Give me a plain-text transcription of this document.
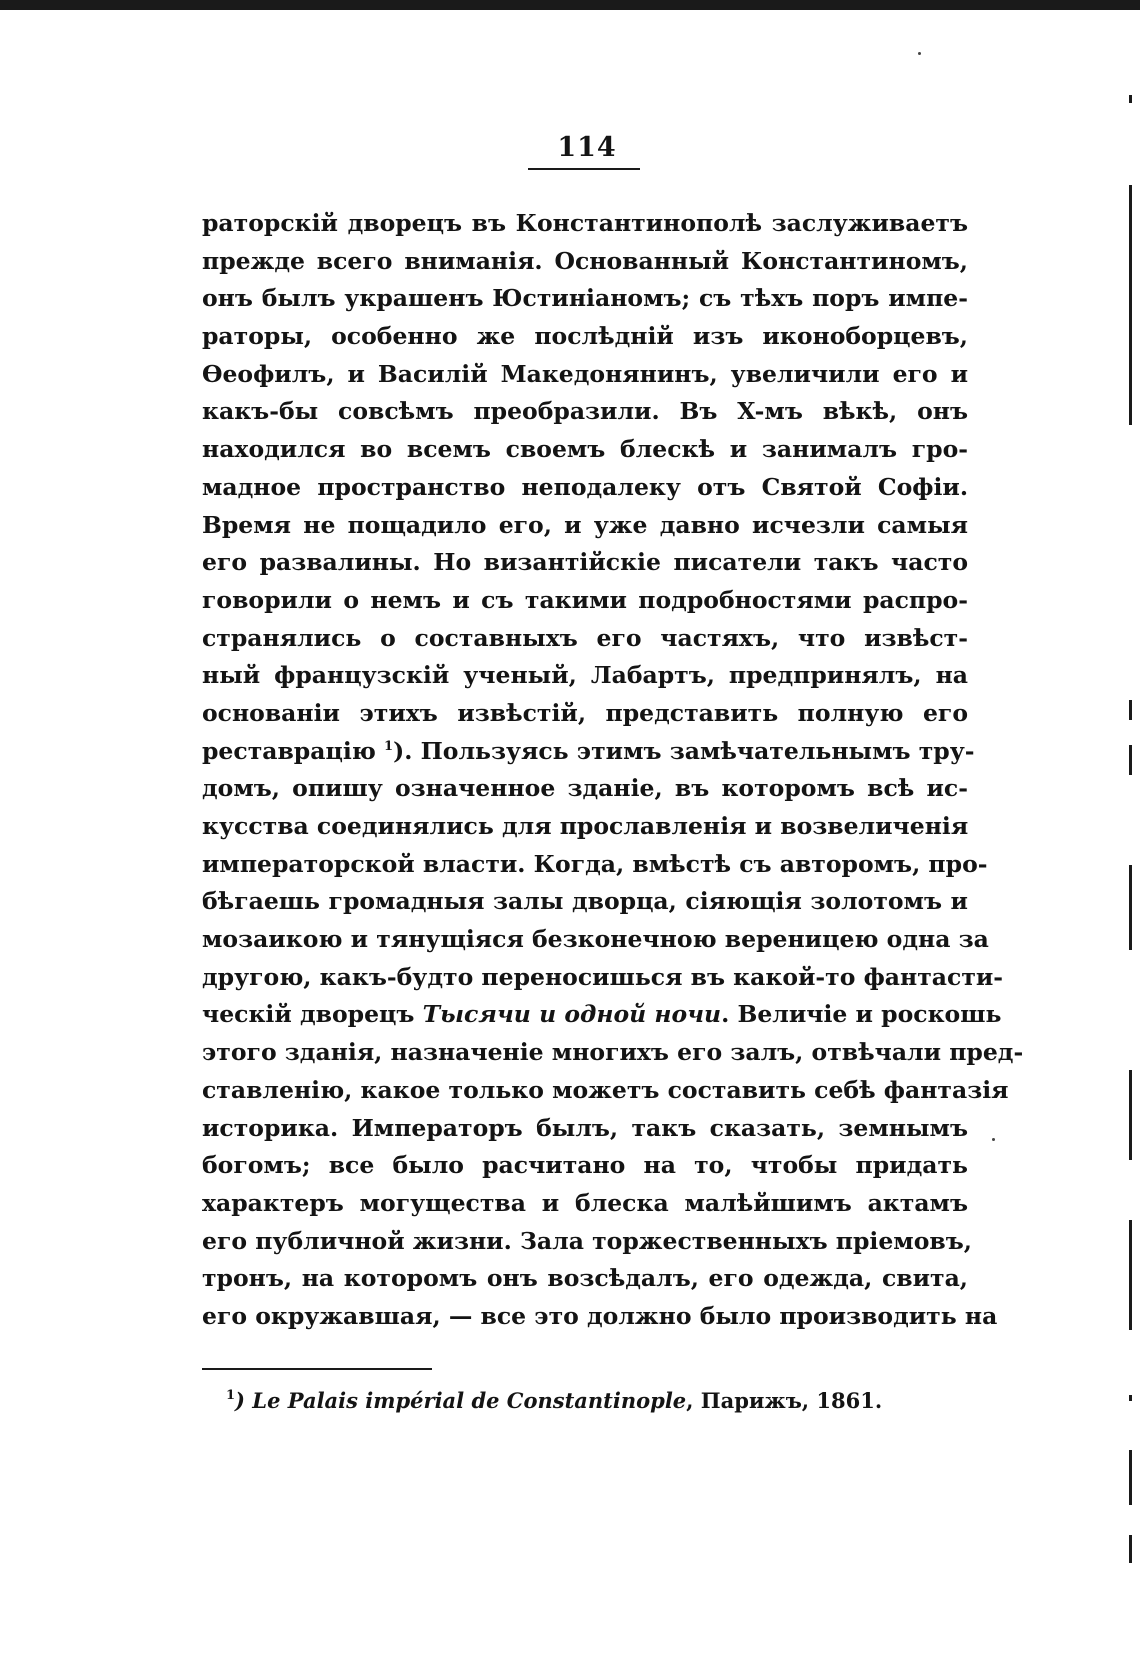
114
раторскій дворецъ въ Константинополѣ заслуживаетъ
прежде всего вниманія. Основанный Константиномъ,
онъ былъ украшенъ Юстиніаномъ; съ тѣхъ поръ импе-
раторы, особенно же послѣдній изъ иконоборцевъ,
Ѳеофилъ, и Василій Македонянинъ, увеличили его и
какъ-бы совсѣмъ преобразили. Въ X-мъ вѣкѣ, онъ
находился во всемъ своемъ блескѣ и занималъ гро-
мадное пространство неподалеку отъ Святой Софіи.
Время не пощадило его, и уже давно исчезли самыя
его развалины. Но византійскіе писатели такъ часто
говорили о немъ и съ такими подробностями распро-
странялись о составныхъ его частяхъ, что извѣст-
ный французскій ученый, Лабартъ, предпринялъ, на
основаніи этихъ извѣстій, представить полную его
реставрацію $^1$). Пользуясь этимъ замѣчательнымъ тру-
домъ, опишу означенное зданіе, въ которомъ всѣ ис-
кусства соединялись для прославленія и возвеличенія
императорской власти. Когда, вмѣстѣ съ авторомъ, про-
бѣгаешь громадныя залы дворца, сіяющія золотомъ и
мозаикою и тянущіяся безконечною вереницею одна за
другою, какъ-будто переносишься въ какой-то фантасти-
ческій дворецъ Тысячи и одной ночи. Величіе и роскошь
этого зданія, назначеніе многихъ его залъ, отвѣчали пред-
ставленію, какое только можетъ составить себѣ фантазія
историка. Императоръ былъ, такъ сказать, земнымъ
богомъ; все было расчитано на то, чтобы придать
характеръ могущества и блеска малѣйшимъ актамъ
его публичной жизни. Зала торжественныхъ пріемовъ,
тронъ, на которомъ онъ возсѣдалъ, его одежда, свита,
его окружавшая, — все это должно было производить на
$^1$) Le Palais impérial de Constantinople, Парижъ, 1861.
